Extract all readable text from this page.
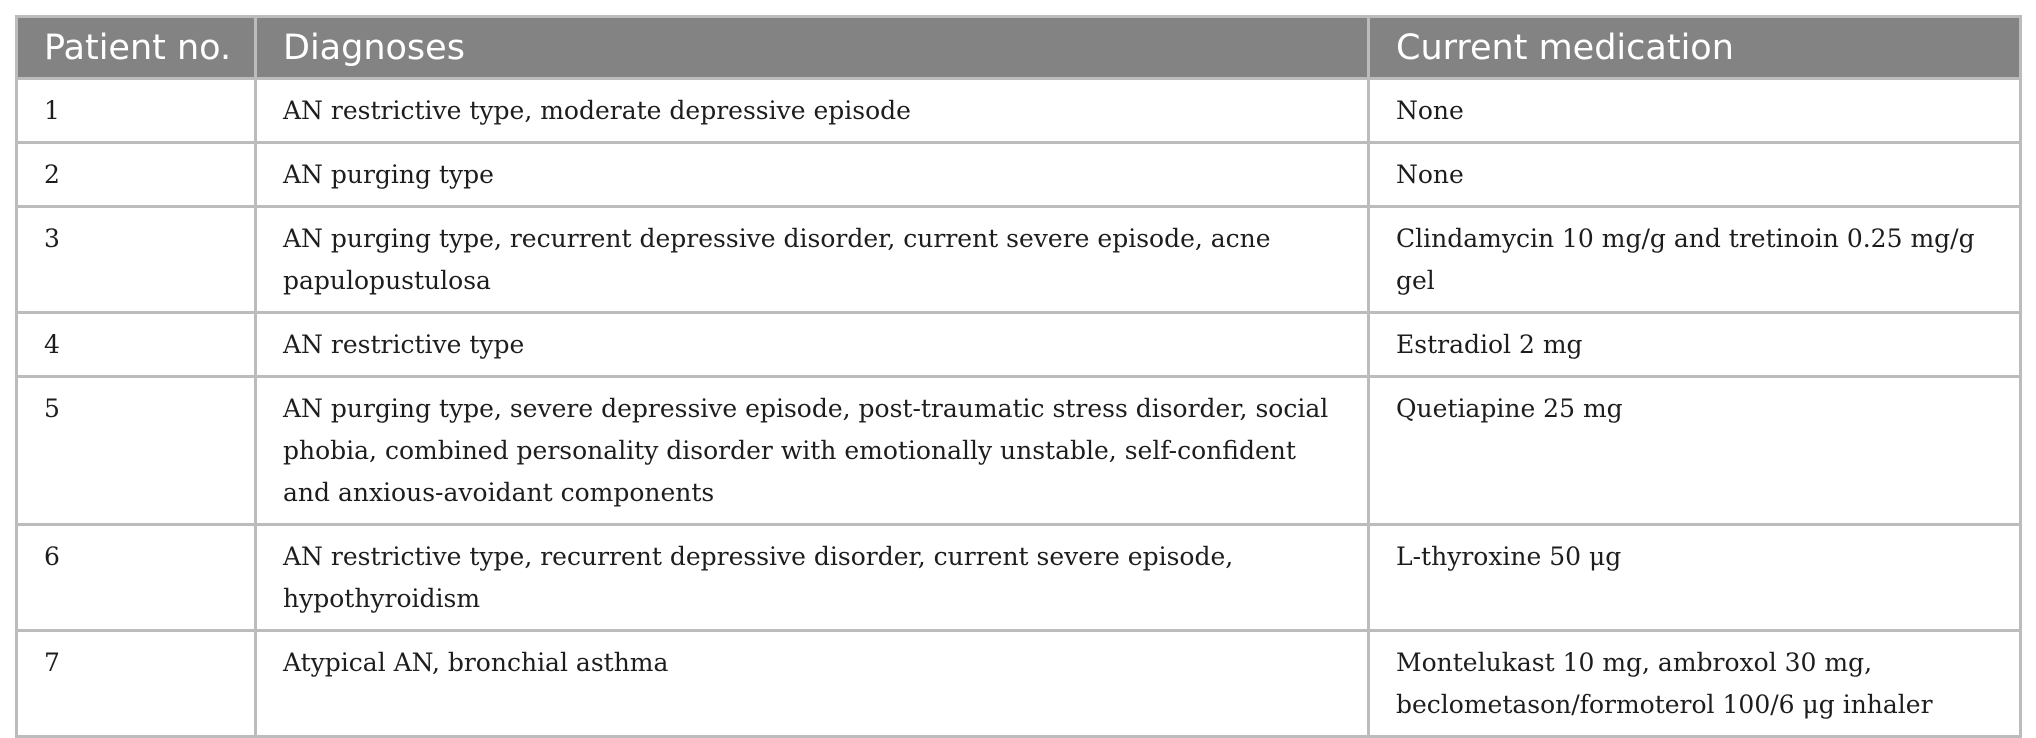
Patient no.	Diagnoses	Current medication
1	AN restrictive type, moderate depressive episode	None
2	AN purging type	None
3	AN purging type, recurrent depressive disorder, current severe episode, acne papulopustulosa	Clindamycin 10 mg/g and tretinoin 0.25 mg/g gel
4	AN restrictive type	Estradiol 2 mg
5	AN purging type, severe depressive episode, post-traumatic stress disorder, social phobia, combined personality disorder with emotionally unstable, self-confident and anxious-avoidant components	Quetiapine 25 mg
6	AN restrictive type, recurrent depressive disorder, current severe episode, hypothyroidism	L-thyroxine 50 μg
7	Atypical AN, bronchial asthma	Montelukast 10 mg, ambroxol 30 mg, beclometason/formoterol 100/6 μg inhaler
